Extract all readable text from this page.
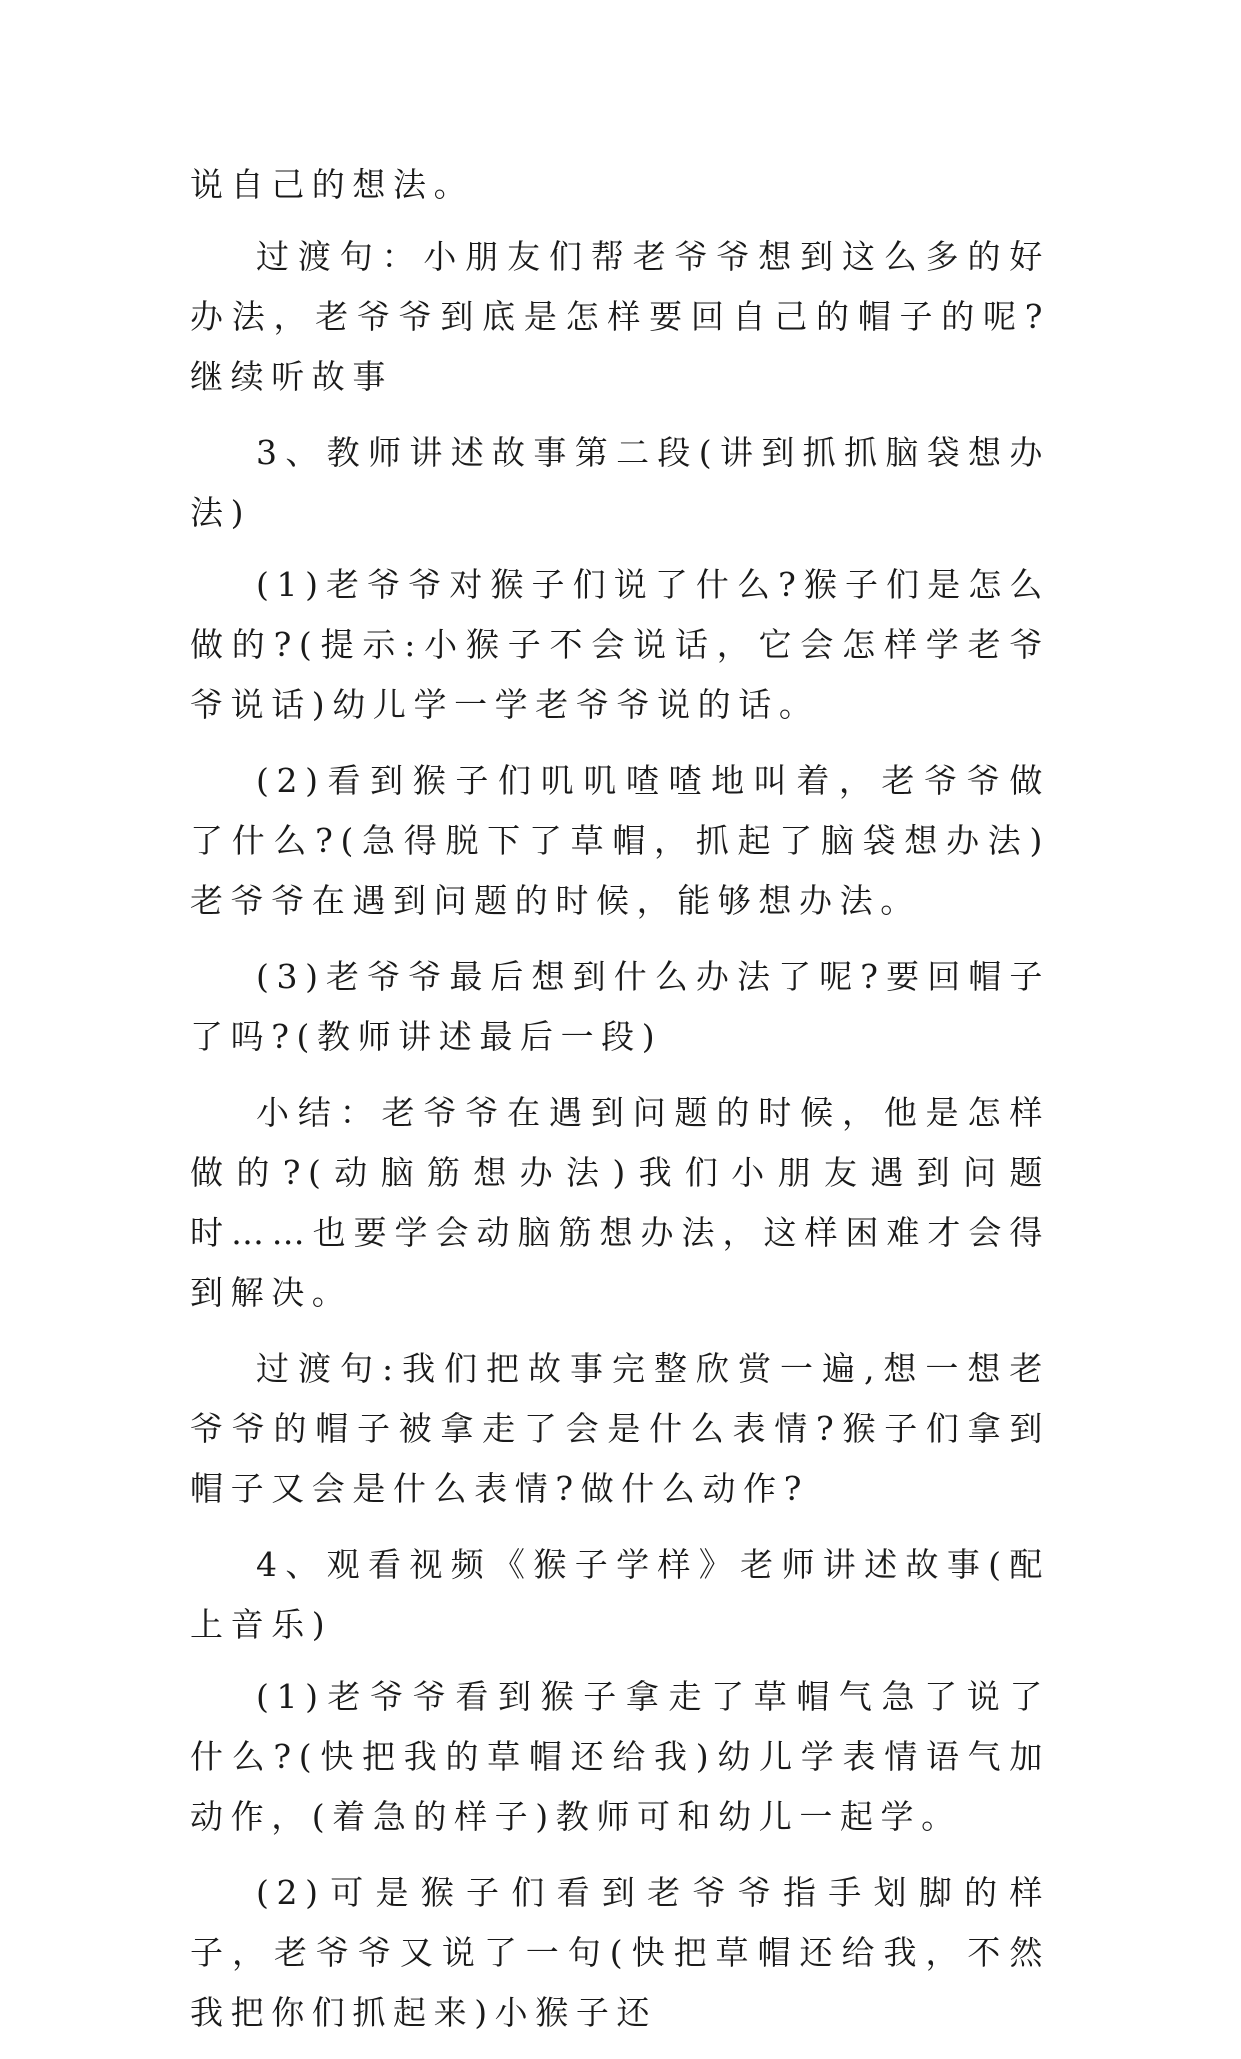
说自己的想法。

过渡句：小朋友们帮老爷爷想到这么多的好办法，老爷爷到底是怎样要回自己的帽子的呢?继续听故事

3、教师讲述故事第二段(讲到抓抓脑袋想办法)

(1)老爷爷对猴子们说了什么?猴子们是怎么做的?(提示:小猴子不会说话，它会怎样学老爷爷说话)幼儿学一学老爷爷说的话。

(2)看到猴子们叽叽喳喳地叫着，老爷爷做了什么?(急得脱下了草帽，抓起了脑袋想办法)老爷爷在遇到问题的时候，能够想办法。

(3)老爷爷最后想到什么办法了呢?要回帽子了吗?(教师讲述最后一段)

小结：老爷爷在遇到问题的时候，他是怎样做的?(动脑筋想办法)我们小朋友遇到问题时……也要学会动脑筋想办法，这样困难才会得到解决。

过渡句:我们把故事完整欣赏一遍,想一想老爷爷的帽子被拿走了会是什么表情?猴子们拿到帽子又会是什么表情?做什么动作?

4、观看视频《猴子学样》老师讲述故事(配上音乐)

(1)老爷爷看到猴子拿走了草帽气急了说了什么?(快把我的草帽还给我)幼儿学表情语气加动作，(着急的样子)教师可和幼儿一起学。

(2)可是猴子们看到老爷爷指手划脚的样子，老爷爷又说了一句(快把草帽还给我，不然我把你们抓起来)小猴子还
